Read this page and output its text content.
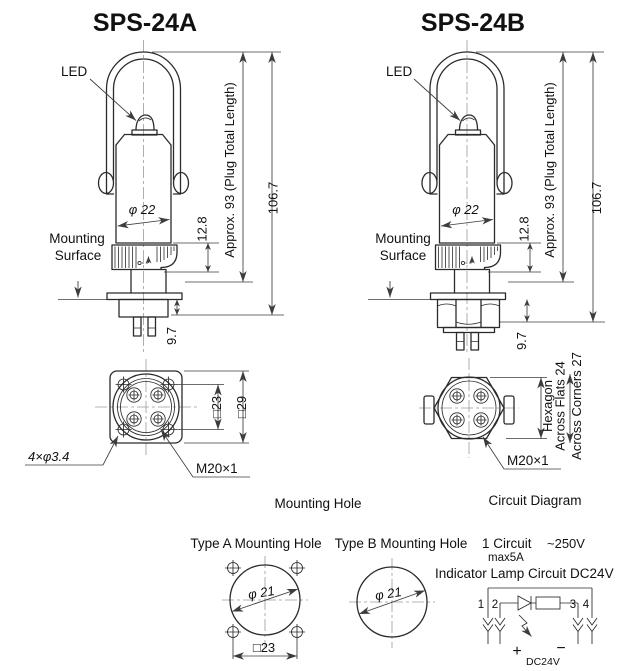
SPS-24A
φ 22
Mounting
Surface
LED
12.8 Approx. 93 (Plug Total Length) 106.7
9.7
□23 □29
4×φ3.4
M20×1
SPS-24B
φ 22
Mounting
Surface
LED
12.8 Approx. 93 (Plug Total Length) 106.7
9.7
Hexagon
Across Flats 24 Across Corners 27
M20×1
Mounting Hole	Circuit Diagram
Type A Mounting Hole
φ 21
□23
Type B Mounting Hole
φ 21
1 Circuit ~250V
max5A
Indicator Lamp Circuit DC24V
1 2	3 4
+ −
DC24V
